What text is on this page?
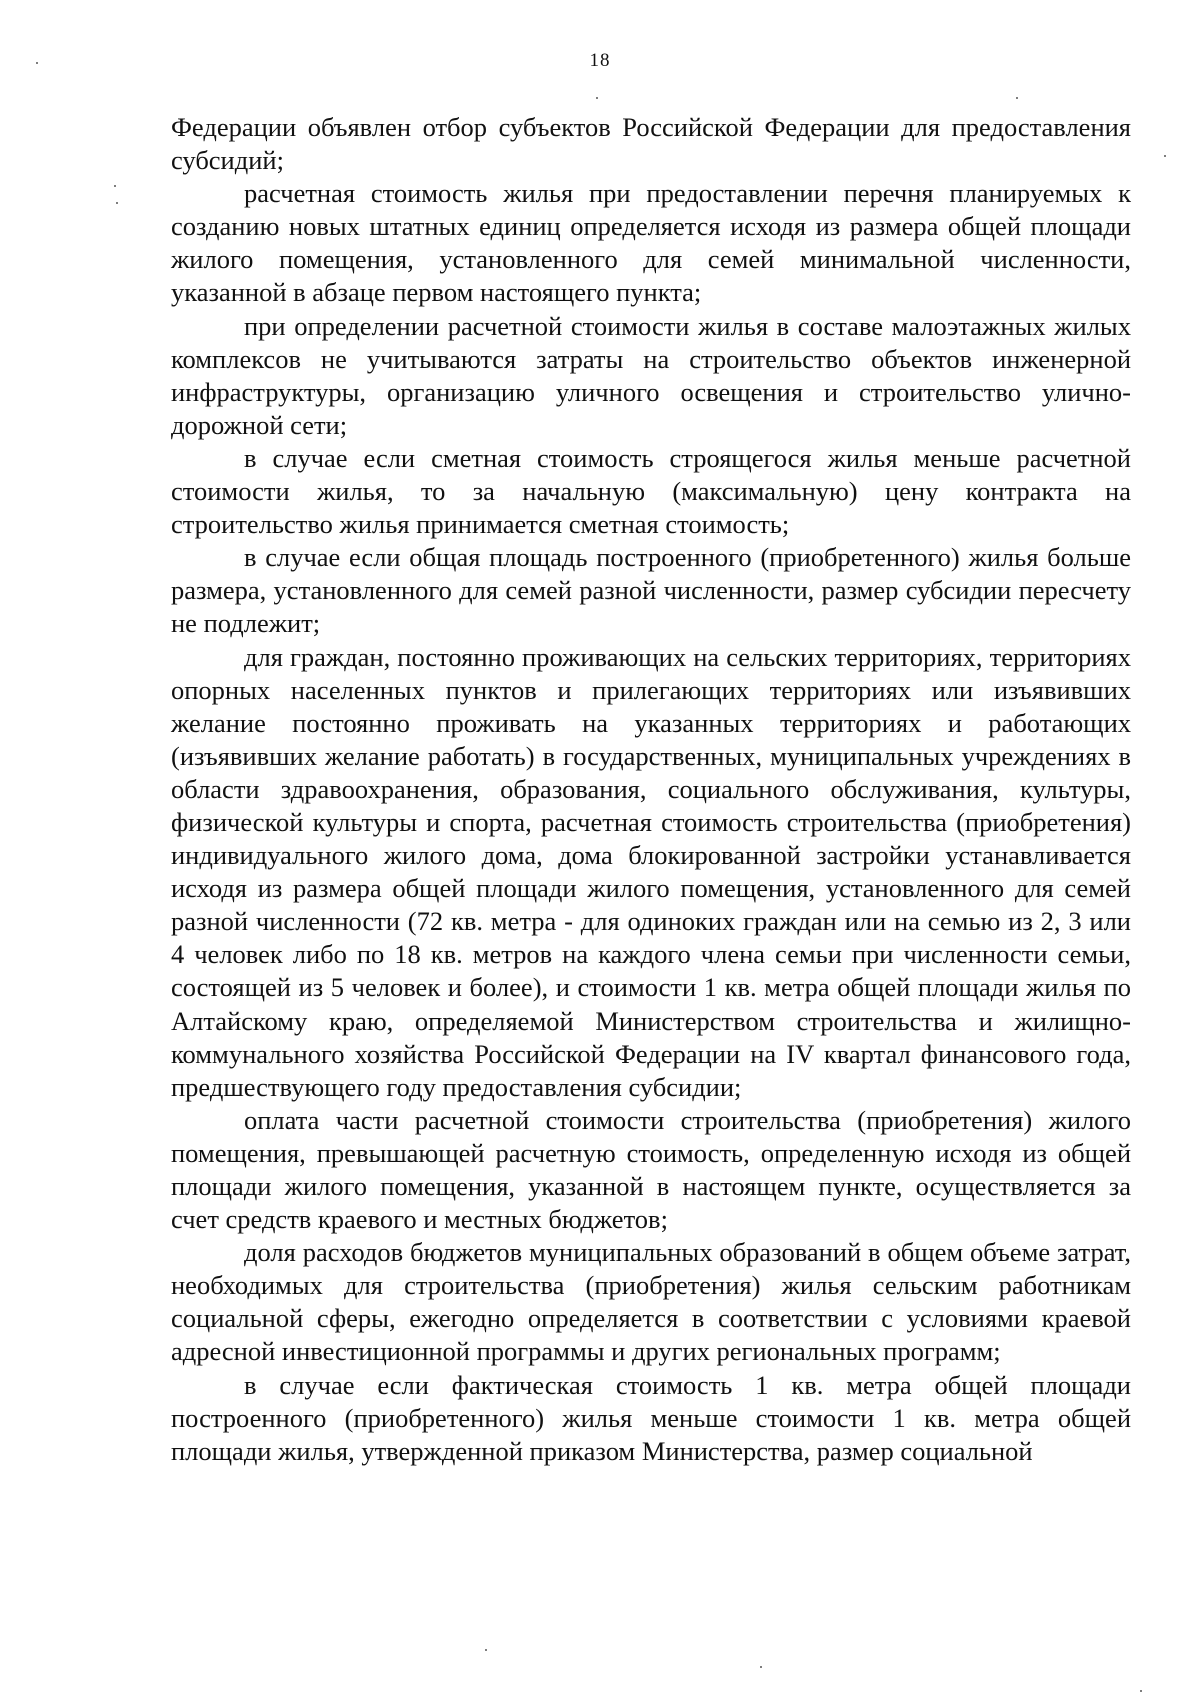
18

Федерации объявлен отбор субъектов Российской Федерации для предоставления субсидий;

расчетная стоимость жилья при предоставлении перечня планируемых к созданию новых штатных единиц определяется исходя из размера общей площади жилого помещения, установленного для семей минимальной численности, указанной в абзаце первом настоящего пункта;

при определении расчетной стоимости жилья в составе малоэтажных жилых комплексов не учитываются затраты на строительство объектов инженерной инфраструктуры, организацию уличного освещения и строительство улично-дорожной сети;

в случае если сметная стоимость строящегося жилья меньше расчетной стоимости жилья, то за начальную (максимальную) цену контракта на строительство жилья принимается сметная стоимость;

в случае если общая площадь построенного (приобретенного) жилья больше размера, установленного для семей разной численности, размер субсидии пересчету не подлежит;

для граждан, постоянно проживающих на сельских территориях, территориях опорных населенных пунктов и прилегающих территориях или изъявивших желание постоянно проживать на указанных территориях и работающих (изъявивших желание работать) в государственных, муниципальных учреждениях в области здравоохранения, образования, социального обслуживания, культуры, физической культуры и спорта, расчетная стоимость строительства (приобретения) индивидуального жилого дома, дома блокированной застройки устанавливается исходя из размера общей площади жилого помещения, установленного для семей разной численности (72 кв. метра - для одиноких граждан или на семью из 2, 3 или 4 человек либо по 18 кв. метров на каждого члена семьи при численности семьи, состоящей из 5 человек и более), и стоимости 1 кв. метра общей площади жилья по Алтайскому краю, определяемой Министерством строительства и жилищно-коммунального хозяйства Российской Федерации на IV квартал финансового года, предшествующего году предоставления субсидии;

оплата части расчетной стоимости строительства (приобретения) жилого помещения, превышающей расчетную стоимость, определенную исходя из общей площади жилого помещения, указанной в настоящем пункте, осуществляется за счет средств краевого и местных бюджетов;

доля расходов бюджетов муниципальных образований в общем объеме затрат, необходимых для строительства (приобретения) жилья сельским работникам социальной сферы, ежегодно определяется в соответствии с условиями краевой адресной инвестиционной программы и других региональных программ;

в случае если фактическая стоимость 1 кв. метра общей площади построенного (приобретенного) жилья меньше стоимости 1 кв. метра общей площади жилья, утвержденной приказом Министерства, размер социальной
